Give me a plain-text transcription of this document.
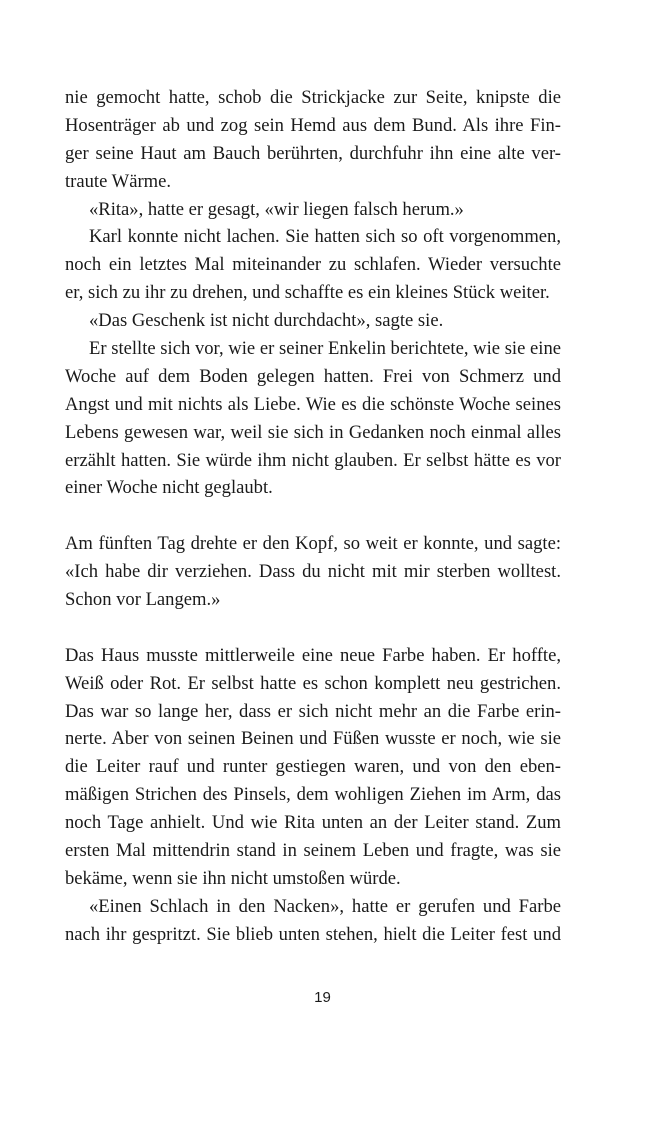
nie gemocht hatte, schob die Strickjacke zur Seite, knipste die
Hosenträger ab und zog sein Hemd aus dem Bund. Als ihre Fin-
ger seine Haut am Bauch berührten, durchfuhr ihn eine alte ver-
traute Wärme.
«Rita», hatte er gesagt, «wir liegen falsch herum.»
Karl konnte nicht lachen. Sie hatten sich so oft vorgenommen,
noch ein letztes Mal miteinander zu schlafen. Wieder versuchte
er, sich zu ihr zu drehen, und schaffte es ein kleines Stück weiter.
«Das Geschenk ist nicht durchdacht», sagte sie.
Er stellte sich vor, wie er seiner Enkelin berichtete, wie sie eine
Woche auf dem Boden gelegen hatten. Frei von Schmerz und
Angst und mit nichts als Liebe. Wie es die schönste Woche seines
Lebens gewesen war, weil sie sich in Gedanken noch einmal alles
erzählt hatten. Sie würde ihm nicht glauben. Er selbst hätte es vor
einer Woche nicht geglaubt.
Am fünften Tag drehte er den Kopf, so weit er konnte, und sagte:
«Ich habe dir verziehen. Dass du nicht mit mir sterben wolltest.
Schon vor Langem.»
Das Haus musste mittlerweile eine neue Farbe haben. Er hoffte,
Weiß oder Rot. Er selbst hatte es schon komplett neu gestrichen.
Das war so lange her, dass er sich nicht mehr an die Farbe erin-
nerte. Aber von seinen Beinen und Füßen wusste er noch, wie sie
die Leiter rauf und runter gestiegen waren, und von den eben-
mäßigen Strichen des Pinsels, dem wohligen Ziehen im Arm, das
noch Tage anhielt. Und wie Rita unten an der Leiter stand. Zum
ersten Mal mittendrin stand in seinem Leben und fragte, was sie
bekäme, wenn sie ihn nicht umstoßen würde.
«Einen Schlach in den Nacken», hatte er gerufen und Farbe
nach ihr gespritzt. Sie blieb unten stehen, hielt die Leiter fest und
19
